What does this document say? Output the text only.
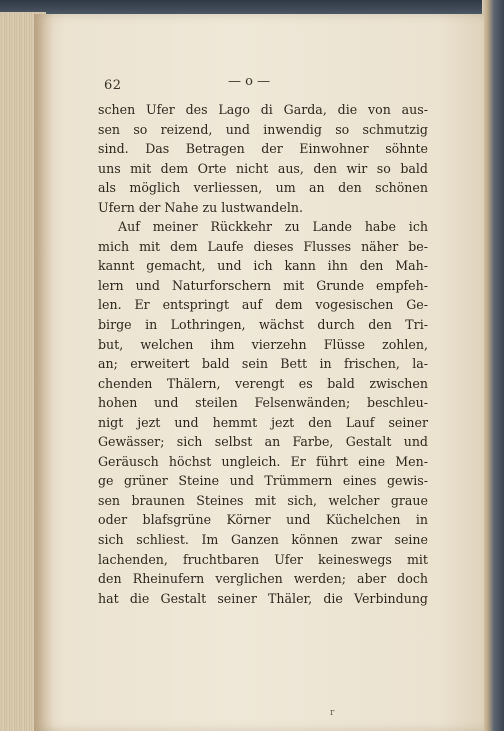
62	— o —
schen Ufer des Lago di Garda, die von aus-
sen so reizend, und inwendig so schmutzig
sind. Das Betragen der Einwohner söhnte
uns mit dem Orte nicht aus, den wir so bald
als möglich verliessen, um an den schönen
Ufern der Nahe zu lustwandeln.
Auf meiner Rückkehr zu Lande habe ich
mich mit dem Laufe dieses Flusses näher be-
kannt gemacht, und ich kann ihn den Mah-
lern und Naturforschern mit Grunde empfeh-
len. Er entspringt auf dem vogesischen Ge-
birge in Lothringen, wächst durch den Tri-
but, welchen ihm vierzehn Flüsse zohlen,
an; erweitert bald sein Bett in frischen, la-
chenden Thälern, verengt es bald zwischen
hohen und steilen Felsenwänden; beschleu-
nigt jezt und hemmt jezt den Lauf seiner
Gewässer; sich selbst an Farbe, Gestalt und
Geräusch höchst ungleich. Er führt eine Men-
ge grüner Steine und Trümmern eines gewis-
sen braunen Steines mit sich, welcher graue
oder blafsgrüne Körner und Küchelchen in
sich schliest. Im Ganzen können zwar seine
lachenden, fruchtbaren Ufer keineswegs mit
den Rheinufern verglichen werden; aber doch
hat die Gestalt seiner Thäler, die Verbindung
r
